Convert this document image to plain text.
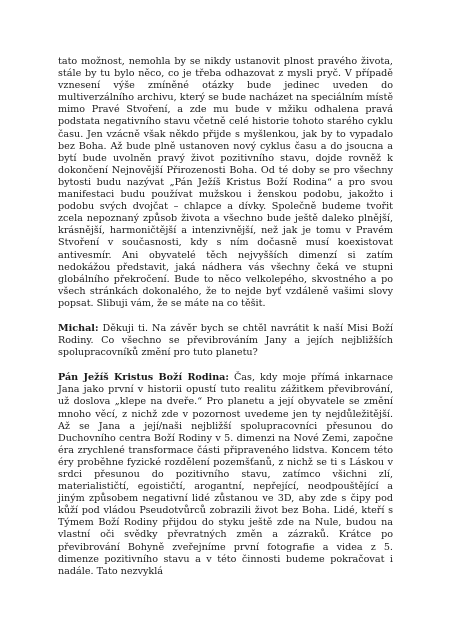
tato možnost, nemohla by se nikdy ustanovit plnost pravého života, stále by tu bylo něco, co je třeba odhazovat z mysli pryč. V případě vznesení výše zmíněné otázky bude jedinec uveden do multiverzálního archivu, který se bude nacházet na speciálním místě mimo Pravé Stvoření, a zde mu bude v mžiku odhalena pravá podstata negativního stavu včetně celé historie tohoto starého cyklu času. Jen vzácně však někdo přijde s myšlenkou, jak by to vypadalo bez Boha. Až bude plně ustanoven nový cyklus času a do jsoucna a bytí bude uvolněn pravý život pozitivního stavu, dojde rovněž k dokončení Nejnovější Přirozenosti Boha. Od té doby se pro všechny bytosti budu nazývat „Pán Ježíš Kristus Boží Rodina“ a pro svou manifestaci budu používat mužskou i ženskou podobu, jakožto i podobu svých dvojčat – chlapce a dívky. Společně budeme tvořit zcela nepoznaný způsob života a všechno bude ještě daleko plnější, krásnější, harmoničtější a intenzivnější, než jak je tomu v Pravém Stvoření v současnosti, kdy s ním dočasně musí koexistovat antivesmír. Ani obyvatelé těch nejvyšších dimenzí si zatím nedokážou představit, jaká nádhera vás všechny čeká ve stupni globálního překročení. Bude to něco velkolepého, skvostného a po všech stránkách dokonalého, že to nejde byť vzdáleně vašimi slovy popsat. Slibuji vám, že se máte na co těšit.

Michal: Děkuji ti. Na závěr bych se chtěl navrátit k naší Misi Boží Rodiny. Co všechno se převibrováním Jany a jejích nejbližších spolupracovníků změní pro tuto planetu?

Pán Ježíš Kristus Boží Rodina: Čas, kdy moje přímá inkarnace Jana jako první v historii opustí tuto realitu zážitkem převibrování, už doslova „klepe na dveře.“ Pro planetu a její obyvatele se změní mnoho věcí, z nichž zde v pozornost uvedeme jen ty nejdůležitější. Až se Jana a její/naši nejbližší spolupracovníci přesunou do Duchovního centra Boží Rodiny v 5. dimenzi na Nové Zemi, započne éra zrychlené transformace části připraveného lidstva. Koncem této éry proběhne fyzické rozdělení pozemšťanů, z nichž se ti s Láskou v srdci přesunou do pozitivního stavu, zatímco všichni zlí, materialističtí, egoističtí, arogantní, nepřející, neodpouštějící a jiným způsobem negativní lidé zůstanou ve 3D, aby zde s čipy pod kůží pod vládou Pseudotvůrců zobrazili život bez Boha. Lidé, kteří s Týmem Boží Rodiny přijdou do styku ještě zde na Nule, budou na vlastní oči svědky převratných změn a zázraků. Krátce po převibrování Bohyně zveřejníme první fotografie a videa z 5. dimenze pozitivního stavu a v této činnosti budeme pokračovat i nadále. Tato nezvyklá
